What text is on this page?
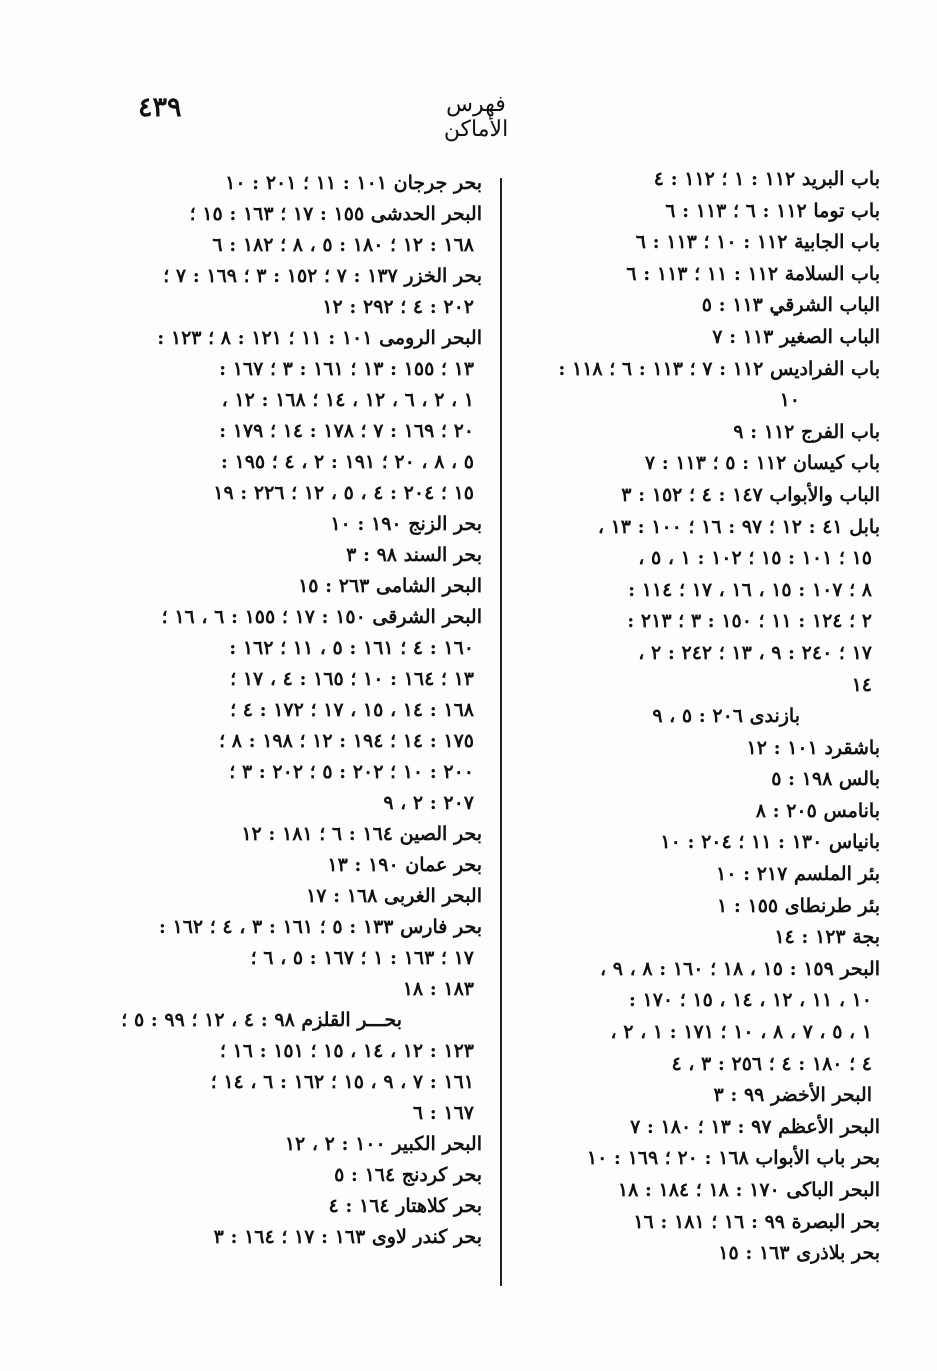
٤٣٩	فهرس الأماكن
باب البريد ١١٢ : ١ ؛ ١١٢ : ٤
باب توما ١١٢ : ٦ ؛ ١١٣ : ٦
باب الجابية ١١٢ : ١٠ ؛ ١١٣ : ٦
باب السلامة ١١٢ : ١١ ؛ ١١٣ : ٦
الباب الشرقي ١١٣ : ٥
الباب الصغير ١١٣ : ٧
باب الفراديس ١١٢ : ٧ ؛ ١١٣ : ٦ ؛ ١١٨ :
١٠
باب الفرج ١١٢ : ٩
باب كيسان ١١٢ : ٥ ؛ ١١٣ : ٧
الباب والأبواب ١٤٧ : ٤ ؛ ١٥٢ : ٣
بابل ٤١ : ١٢ ؛ ٩٧ : ١٦ ؛ ١٠٠ : ١٣ ،
١٥ ؛ ١٠١ : ١٥ ؛ ١٠٢ : ١ ، ٥ ،
٨ ؛ ١٠٧ : ١٥ ، ١٦ ، ١٧ ؛ ١١٤ :
٢ ؛ ١٢٤ : ١١ ؛ ١٥٠ : ٣ ؛ ٢١٣ :
١٧ ؛ ٢٤٠ : ٩ ، ١٣ ؛ ٢٤٢ : ٢ ،
١٤
بازندی ٢٠٦ : ٥ ، ٩
باشقرد ١٠١ : ١٢
بالس ١٩٨ : ٥
بانامس ٢٠٥ : ٨
بانیاس ١٣٠ : ١١ ؛ ٢٠٤ : ١٠
بئر الملسم ٢١٧ : ١٠
بئر طرنطای ١٥٥ : ١
بجة ١٢٣ : ١٤
البحر ١٥٩ : ١٥ ، ١٨ ؛ ١٦٠ : ٨ ، ٩ ،
١٠ ، ١١ ، ١٢ ، ١٤ ، ١٥ ؛ ١٧٠ :
١ ، ٥ ، ٧ ، ٨ ، ١٠ ؛ ١٧١ : ١ ، ٢ ،
٤ ؛ ١٨٠ : ٤ ؛ ٢٥٦ : ٣ ، ٤
البحر الأخضر ٩٩ : ٣
البحر الأعظم ٩٧ : ١٣ ؛ ١٨٠ : ٧
بحر باب الأبواب ١٦٨ : ٢٠ ؛ ١٦٩ : ١٠
البحر الباكى ١٧٠ : ١٨ ؛ ١٨٤ : ١٨
بحر البصرة ٩٩ : ١٦ ؛ ١٨١ : ١٦
بحر بلاذرى ١٦٣ : ١٥
بحر جرجان ١٠١ : ١١ ؛ ٢٠١ : ١٠
البحر الحدشی ١٥٥ : ١٧ ؛ ١٦٣ : ١٥ ؛
١٦٨ : ١٢ ؛ ١٨٠ : ٥ ، ٨ ؛ ١٨٢ : ٦
بحر الخزر ١٣٧ : ٧ ؛ ١٥٢ : ٣ ؛ ١٦٩ : ٧ ؛
٢٠٢ : ٤ ؛ ٢٩٢ : ١٢
البحر الرومى ١٠١ : ١١ ؛ ١٢١ : ٨ ؛ ١٢٣ :
١٣ ؛ ١٥٥ : ١٣ ؛ ١٦١ : ٣ ؛ ١٦٧ :
١ ، ٢ ، ٦ ، ١٢ ، ١٤ ؛ ١٦٨ : ١٢ ،
٢٠ ؛ ١٦٩ : ٧ ؛ ١٧٨ : ١٤ ؛ ١٧٩ :
٥ ، ٨ ، ٢٠ ؛ ١٩١ : ٢ ، ٤ ؛ ١٩٥ :
١٥ ؛ ٢٠٤ : ٤ ، ٥ ، ١٢ ؛ ٢٢٦ : ١٩
بحر الزنج ١٩٠ : ١٠
بحر السند ٩٨ : ٣
البحر الشامی ٢٦٣ : ١٥
البحر الشرقی ١٥٠ : ١٧ ؛ ١٥٥ : ٦ ، ١٦ ؛
١٦٠ : ٤ ؛ ١٦١ : ٥ ، ١١ ؛ ١٦٢ :
١٣ ؛ ١٦٤ : ١٠ ؛ ١٦٥ : ٤ ، ١٧ ؛
١٦٨ : ١٤ ، ١٥ ، ١٧ ؛ ١٧٢ : ٤ ؛
١٧٥ : ١٤ ؛ ١٩٤ : ١٢ ؛ ١٩٨ : ٨ ؛
٢٠٠ : ١٠ ؛ ٢٠٢ : ٥ ؛ ٢٠٢ : ٣ ؛
٢٠٧ : ٢ ، ٩
بحر الصين ١٦٤ : ٦ ؛ ١٨١ : ١٢
بحر عمان ١٩٠ : ١٣
البحر الغربی ١٦٨ : ١٧
بحر فارس ١٣٣ : ٥ ؛ ١٦١ : ٣ ، ٤ ؛ ١٦٢ :
١٧ ؛ ١٦٣ : ١ ؛ ١٦٧ : ٥ ، ٦ ؛
١٨٣ : ١٨
بحـــر القلزم ٩٨ : ٤ ، ١٢ ؛ ٩٩ : ٥ ؛
١٢٣ : ١٢ ، ١٤ ، ١٥ ؛ ١٥١ : ١٦ ؛
١٦١ : ٧ ، ٩ ، ١٥ ؛ ١٦٢ : ٦ ، ١٤ ؛
١٦٧ : ٦
البحر الكبير ١٠٠ : ٢ ، ١٢
بحر كردنج ١٦٤ : ٥
بحر كلاهتار ١٦٤ : ٤
بحر كندر لاوى ١٦٣ : ١٧ ؛ ١٦٤ : ٣
